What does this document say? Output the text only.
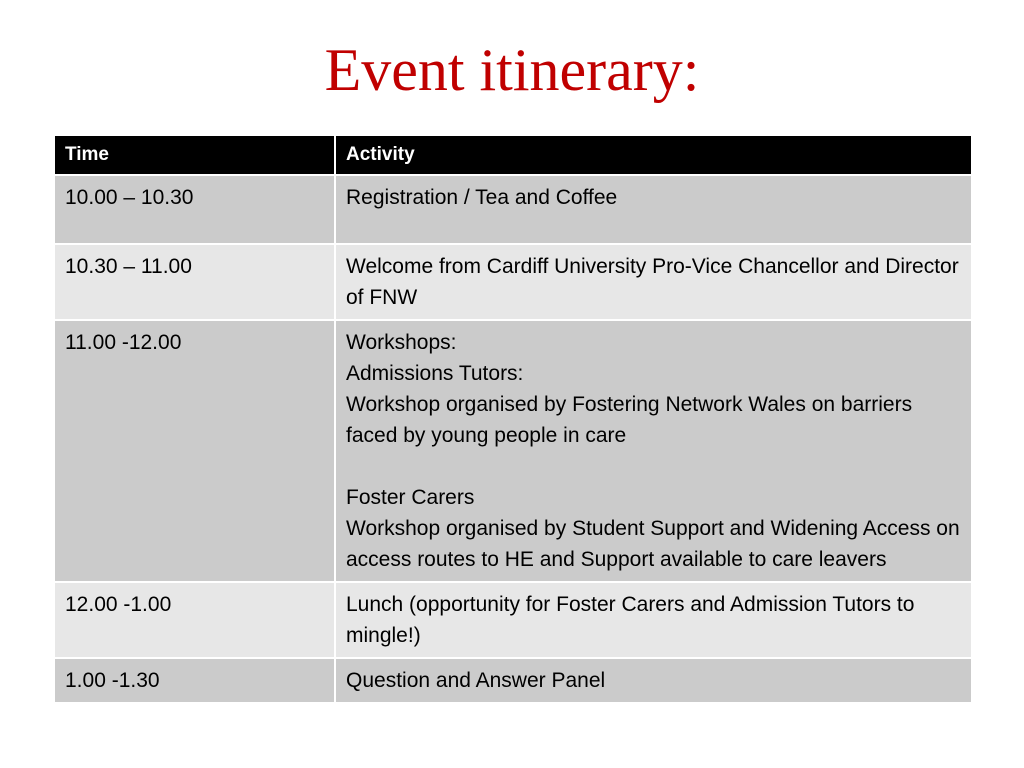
Event itinerary:
Time	Activity
10.00 – 10.30	Registration / Tea and Coffee

10.30 – 11.00	Welcome from Cardiff University Pro-Vice Chancellor and Director of FNW

11.00 -12.00	Workshops:
Admissions Tutors:
Workshop organised by Fostering Network Wales on barriers faced by young people in care
Foster Carers
Workshop organised by Student Support and Widening Access on access routes to HE and Support available to care leavers

12.00 -1.00	Lunch (opportunity for Foster Carers and Admission Tutors to mingle!)

1.00 -1.30	Question and Answer Panel
